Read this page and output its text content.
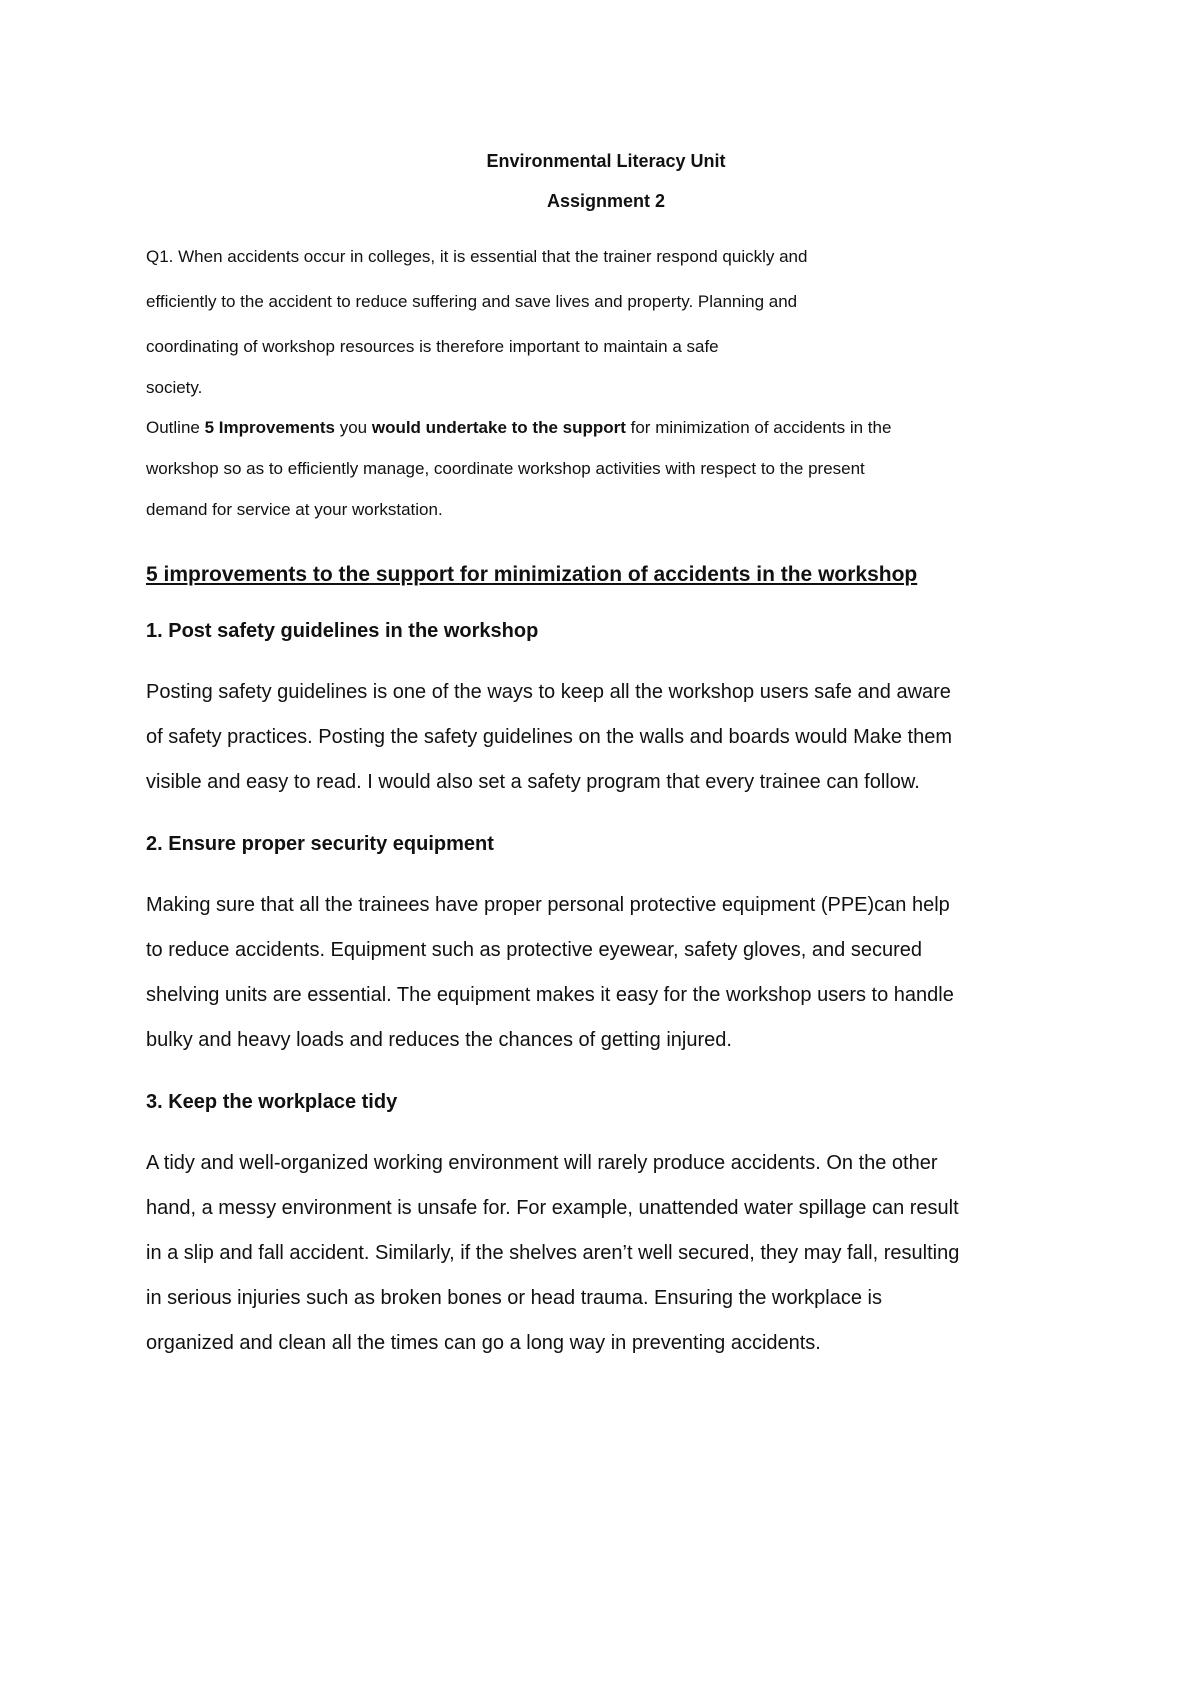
Environmental Literacy Unit
Assignment 2
Q1. When accidents occur in colleges, it is essential that the trainer respond quickly and
efficiently to the accident to reduce suffering and save lives and property. Planning and
coordinating of workshop resources is therefore important to maintain a safe
society.
Outline 5 Improvements you would undertake to the support for minimization of accidents in the
workshop so as to efficiently manage, coordinate workshop activities with respect to the present
demand for service at your workstation.
5 improvements to the support for minimization of accidents in the workshop
1. Post safety guidelines in the workshop
Posting safety guidelines is one of the ways to keep all the workshop users safe and aware
of safety practices. Posting the safety guidelines on the walls and boards would Make them
visible and easy to read. I would also set a safety program that every trainee can follow.
2. Ensure proper security equipment
Making sure that all the trainees have proper personal protective equipment (PPE)can help
to reduce accidents. Equipment such as protective eyewear, safety gloves, and secured
shelving units are essential. The equipment makes it easy for the workshop users to handle
bulky and heavy loads and reduces the chances of getting injured.
3. Keep the workplace tidy
A tidy and well-organized working environment will rarely produce accidents. On the other
hand, a messy environment is unsafe for. For example, unattended water spillage can result
in a slip and fall accident. Similarly, if the shelves aren’t well secured, they may fall, resulting
in serious injuries such as broken bones or head trauma. Ensuring the workplace is
organized and clean all the times can go a long way in preventing accidents.
